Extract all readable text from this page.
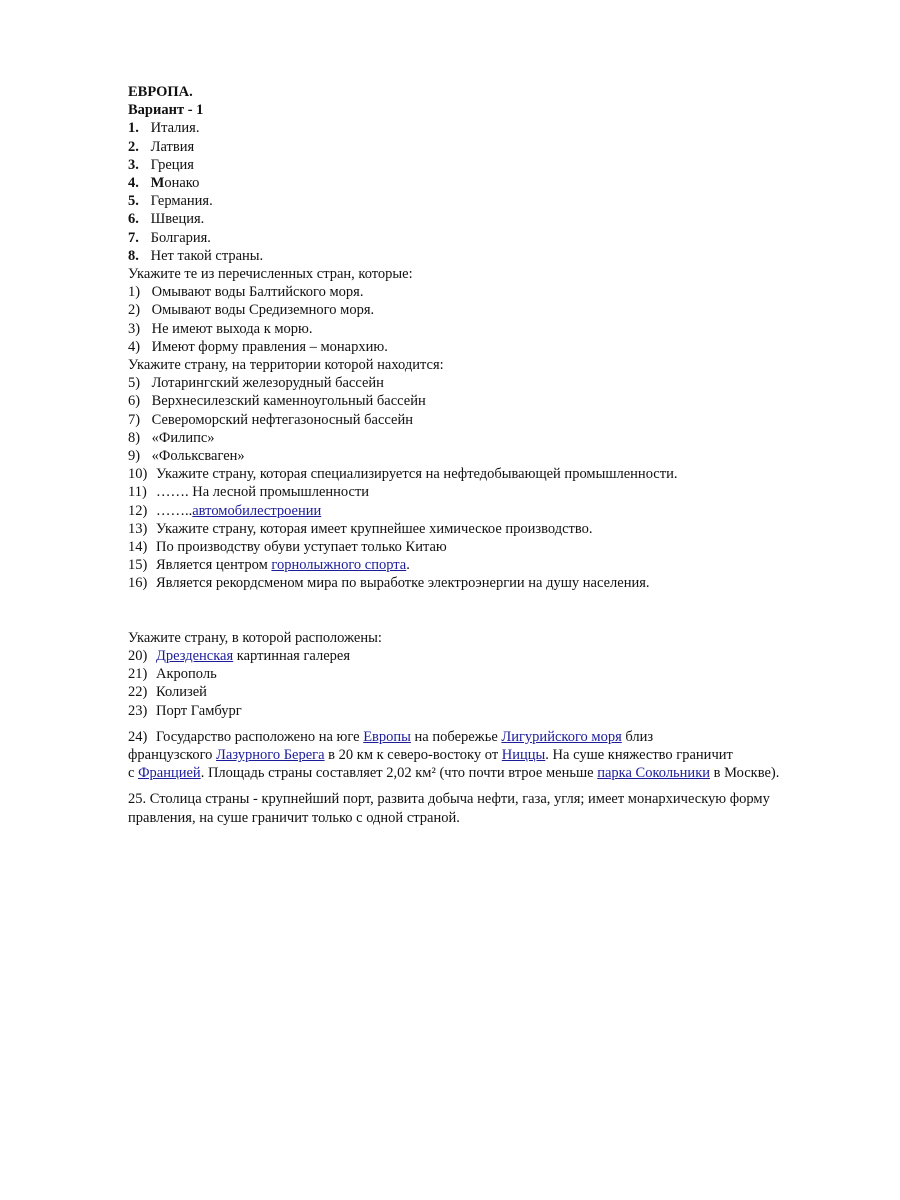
ЕВРОПА.
Вариант - 1
1. Италия.
2. Латвия
3. Греция
4. Монако
5. Германия.
6. Швеция.
7. Болгария.
8. Нет такой страны.
Укажите те из перечисленных стран, которые:
1) Омывают воды Балтийского моря.
2) Омывают воды Средиземного моря.
3) Не имеют выхода к морю.
4) Имеют форму правления – монархию.
Укажите страну, на территории которой находится:
5) Лотарингский железорудный бассейн
6) Верхнесилезский каменноугольный бассейн
7) Североморский нефтегазоносный бассейн
8) «Филипс»
9) «Фольксваген»
10) Укажите страну, которая специализируется на нефтедобывающей промышленности.
11) ……. На лесной промышленности
12) ……..автомобилестроении
13) Укажите страну, которая имеет крупнейшее химическое производство.
14) По производству обуви уступает только Китаю
15) Является центром горнолыжного спорта.
16) Является рекордсменом мира по выработке электроэнергии на душу населения.
Укажите страну, в которой расположены:
20) Дрезденская картинная галерея
21) Акрополь
22) Колизей
23) Порт Гамбург
24) Государство расположено на юге Европы на побережье Лигурийского моря близ
французского Лазурного Берега в 20 км к северо-востоку от Ниццы. На суше княжество граничит
с Францией. Площадь страны составляет 2,02 км² (что почти втрое меньше парка Сокольники в Москве).
25. Столица страны - крупнейший порт, развита добыча нефти, газа, угля; имеет монархическую форму
правления, на суше граничит только с одной страной.
